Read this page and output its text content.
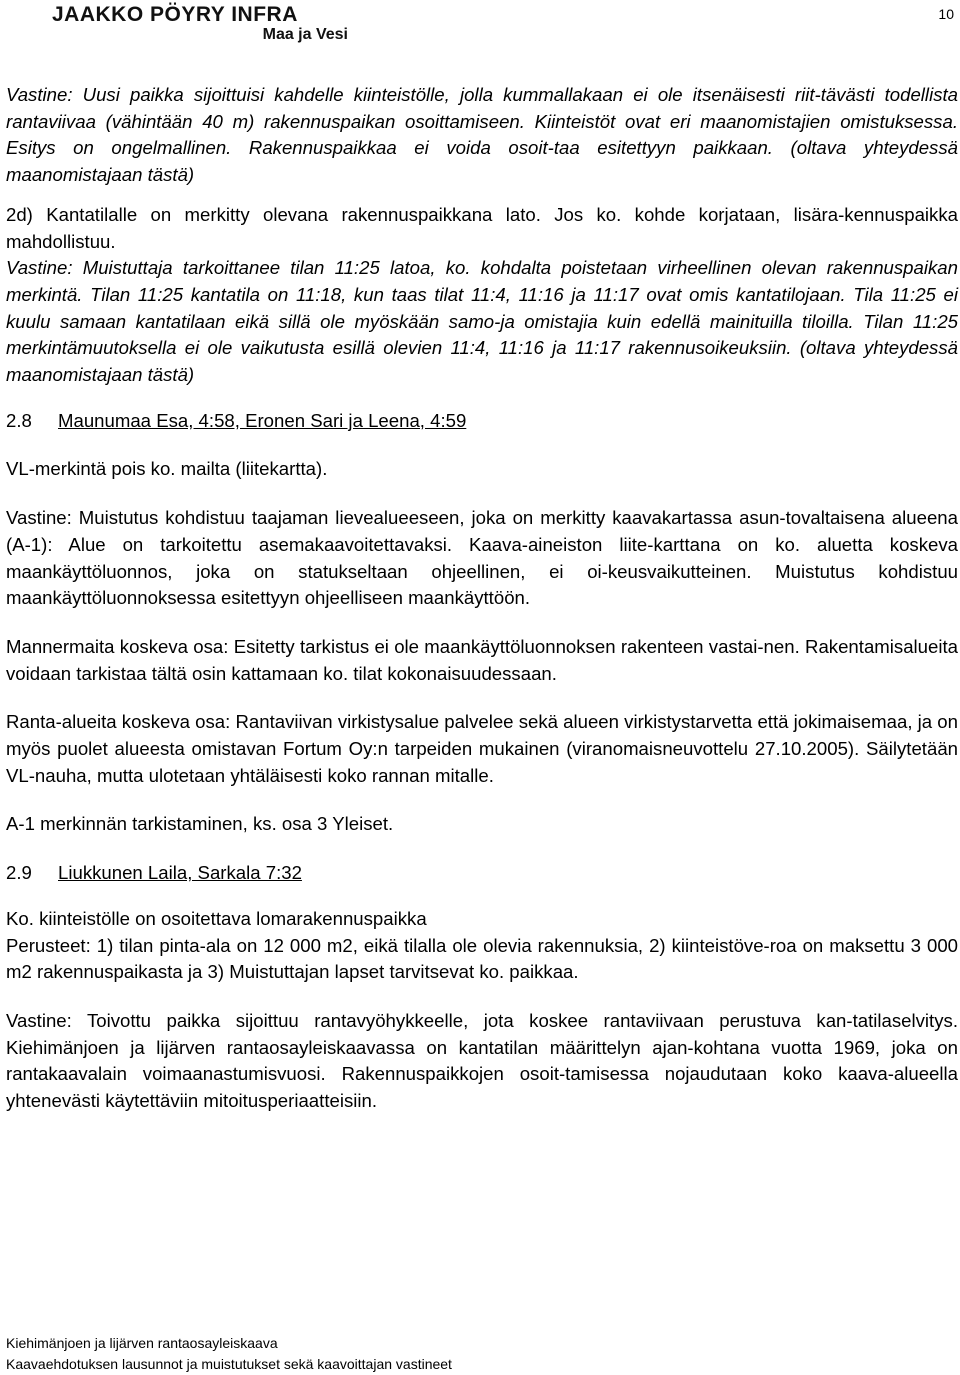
JAAKKO PÖYRY INFRA
Maa ja Vesi
10

Vastine: Uusi paikka sijoittuisi kahdelle kiinteistölle, jolla kummallakaan ei ole itsenäisesti riit-tävästi todellista rantaviivaa (vähintään 40 m) rakennuspaikan osoittamiseen. Kiinteistöt ovat eri maanomistajien omistuksessa. Esitys on ongelmallinen. Rakennuspaikkaa ei voida osoit-taa esitettyyn paikkaan. (oltava yhteydessä maanomistajaan tästä)

2d) Kantatilalle on merkitty olevana rakennuspaikkana lato. Jos ko. kohde korjataan, lisära-kennuspaikka mahdollistuu.

Vastine: Muistuttaja tarkoittanee tilan 11:25 latoa, ko. kohdalta poistetaan virheellinen olevan rakennuspaikan merkintä. Tilan 11:25 kantatila on 11:18, kun taas tilat 11:4, 11:16 ja 11:17 ovat omis kantatilojaan. Tila 11:25 ei kuulu samaan kantatilaan eikä sillä ole myöskään samo-ja omistajia kuin edellä mainituilla tiloilla. Tilan 11:25 merkintämuutoksella ei ole vaikutusta esillä olevien 11:4, 11:16 ja 11:17 rakennusoikeuksiin. (oltava yhteydessä maanomistajaan tästä)

2.8 Maunumaa Esa, 4:58, Eronen Sari ja Leena, 4:59

VL-merkintä pois ko. mailta (liitekartta).

Vastine: Muistutus kohdistuu taajaman lievealueeseen, joka on merkitty kaavakartassa asun-tovaltaisena alueena (A-1): Alue on tarkoitettu asemakaavoitettavaksi. Kaava-aineiston liite-karttana on ko. aluetta koskeva maankäyttöluonnos, joka on statukseltaan ohjeellinen, ei oi-keusvaikutteinen. Muistutus kohdistuu maankäyttöluonnoksessa esitettyyn ohjeelliseen maankäyttöön.

Mannermaita koskeva osa: Esitetty tarkistus ei ole maankäyttöluonnoksen rakenteen vastai-nen. Rakentamisalueita voidaan tarkistaa tältä osin kattamaan ko. tilat kokonaisuudessaan.

Ranta-alueita koskeva osa: Rantaviivan virkistysalue palvelee sekä alueen virkistystarvetta että jokimaisemaa, ja on myös puolet alueesta omistavan Fortum Oy:n tarpeiden mukainen (viranomaisneuvottelu 27.10.2005). Säilytetään VL-nauha, mutta ulotetaan yhtäläisesti koko rannan mitalle.

A-1 merkinnän tarkistaminen, ks. osa 3 Yleiset.

2.9 Liukkunen Laila, Sarkala 7:32

Ko. kiinteistölle on osoitettava lomarakennuspaikka

Perusteet: 1) tilan pinta-ala on 12 000 m2, eikä tilalla ole olevia rakennuksia, 2) kiinteistöve-roa on maksettu 3 000 m2 rakennuspaikasta ja 3) Muistuttajan lapset tarvitsevat ko. paikkaa.

Vastine: Toivottu paikka sijoittuu rantavyöhykkeelle, jota koskee rantaviivaan perustuva kan-tatilaselvitys. Kiehimänjoen ja lijärven rantaosayleiskaavassa on kantatilan määrittelyn ajan-kohtana vuotta 1969, joka on rantakaavalain voimaanastumisvuosi. Rakennuspaikkojen osoit-tamisessa nojaudutaan koko kaava-alueella yhtenevästi käytettäviin mitoitusperiaatteisiin.

Kiehimänjoen ja lijärven rantaosayleiskaava
Kaavaehdotuksen lausunnot ja muistutukset sekä kaavoittajan vastineet
